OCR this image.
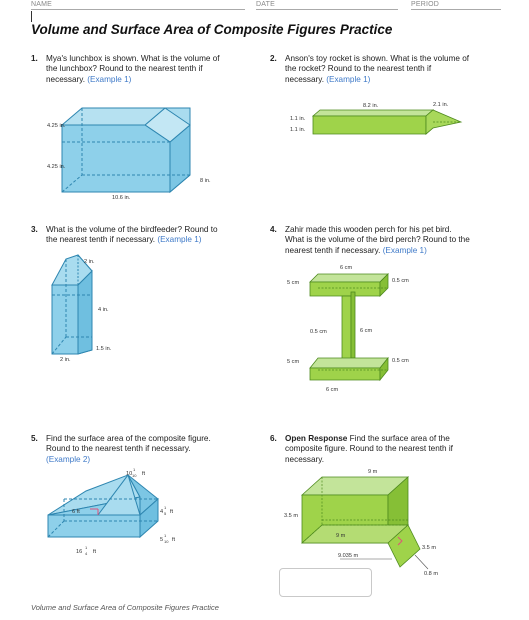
NAME	DATE	PERIOD
Volume and Surface Area of Composite Figures Practice
1. Mya's lunchbox is shown. What is the volume of
the lunchbox? Round to the nearest tenth if
necessary. (Example 1)
2. Anson's toy rocket is shown. What is the volume of
the rocket? Round to the nearest tenth if
necessary. (Example 1)
4.25 in.
4.25 in.
8 in.
10.6 in.
8.2 in.	2.1 in.
1.1 in.
1.1 in.
3. What is the volume of the birdfeeder? Round to
the nearest tenth if necessary. (Example 1)
4. Zahir made this wooden perch for his pet bird.
What is the volume of the bird perch? Round to the
nearest tenth if necessary. (Example 1)
2 in.
4 in.
1.5 in.
2 in.
6 cm
5 cm	0.5 cm
0.5 cm	6 cm
5 cm	0.5 cm
6 cm
5. Find the surface area of the composite figure.
Round to the nearest tenth if necessary.
(Example 2)
6. Open Response Find the surface area of the
composite figure. Round to the nearest tenth if
necessary.
6 ft
10
1
10 ft
4
1
5 ft
5
1
10 ft
16
1
4 ft
9 m
3.5 m
9 m
3.5 m
9.035 m
0.8 m
Volume and Surface Area of Composite Figures Practice
